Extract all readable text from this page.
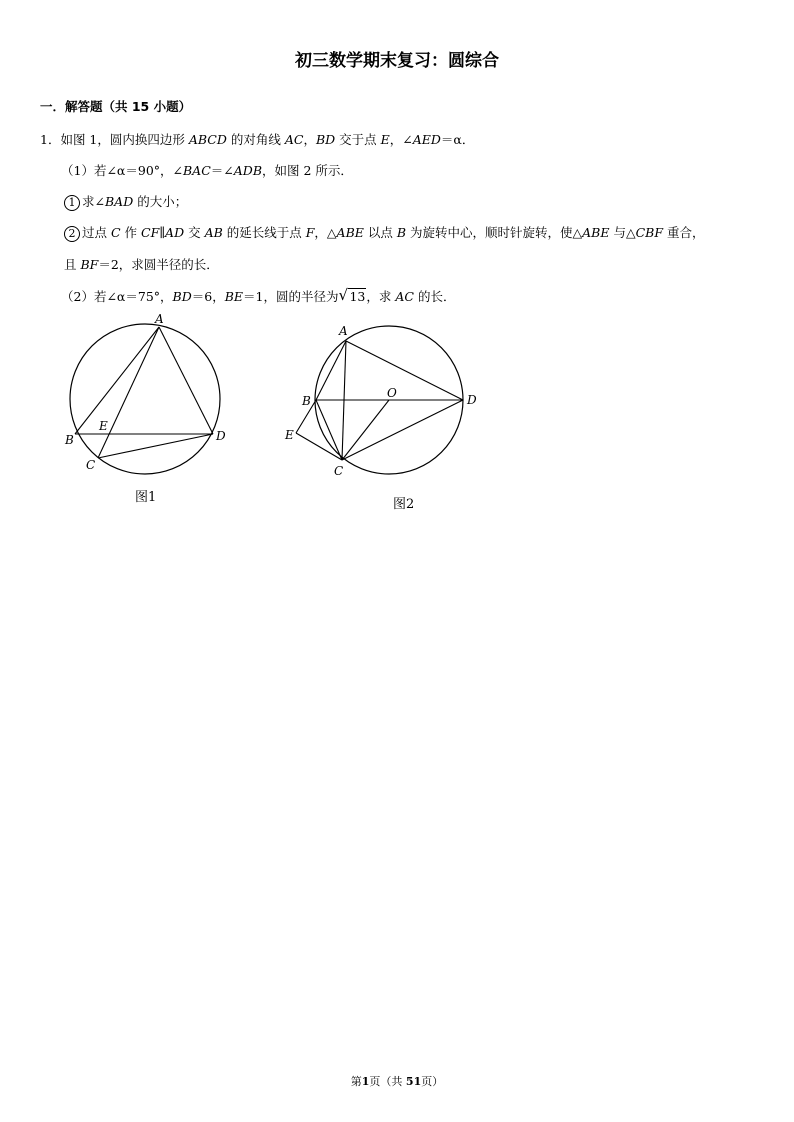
初三数学期末复习：圆综合
一．解答题（共 15 小题）
1．如图 1，圆内换四边形 ABCD 的对角线 AC，BD 交于点 E，∠AED＝α．
（1）若∠α＝90°，∠BAC＝∠ADB，如图 2 所示．
1 求∠BAD 的大小；
2 过点 C 作 CF∥AD 交 AB 的延长线于点 F，△ABE 以点 B 为旋转中心，顺时针旋转，使△ABE 与△CBF 重合，
且 BF＝2，求圆半径的长．
（2）若∠α＝75°，BD＝6，BE＝1，圆的半径为 √ 13，求 AC 的长．
A
B
C
D
E
图1
A
B
C
D
E
O
图2
第1页（共 51页）
